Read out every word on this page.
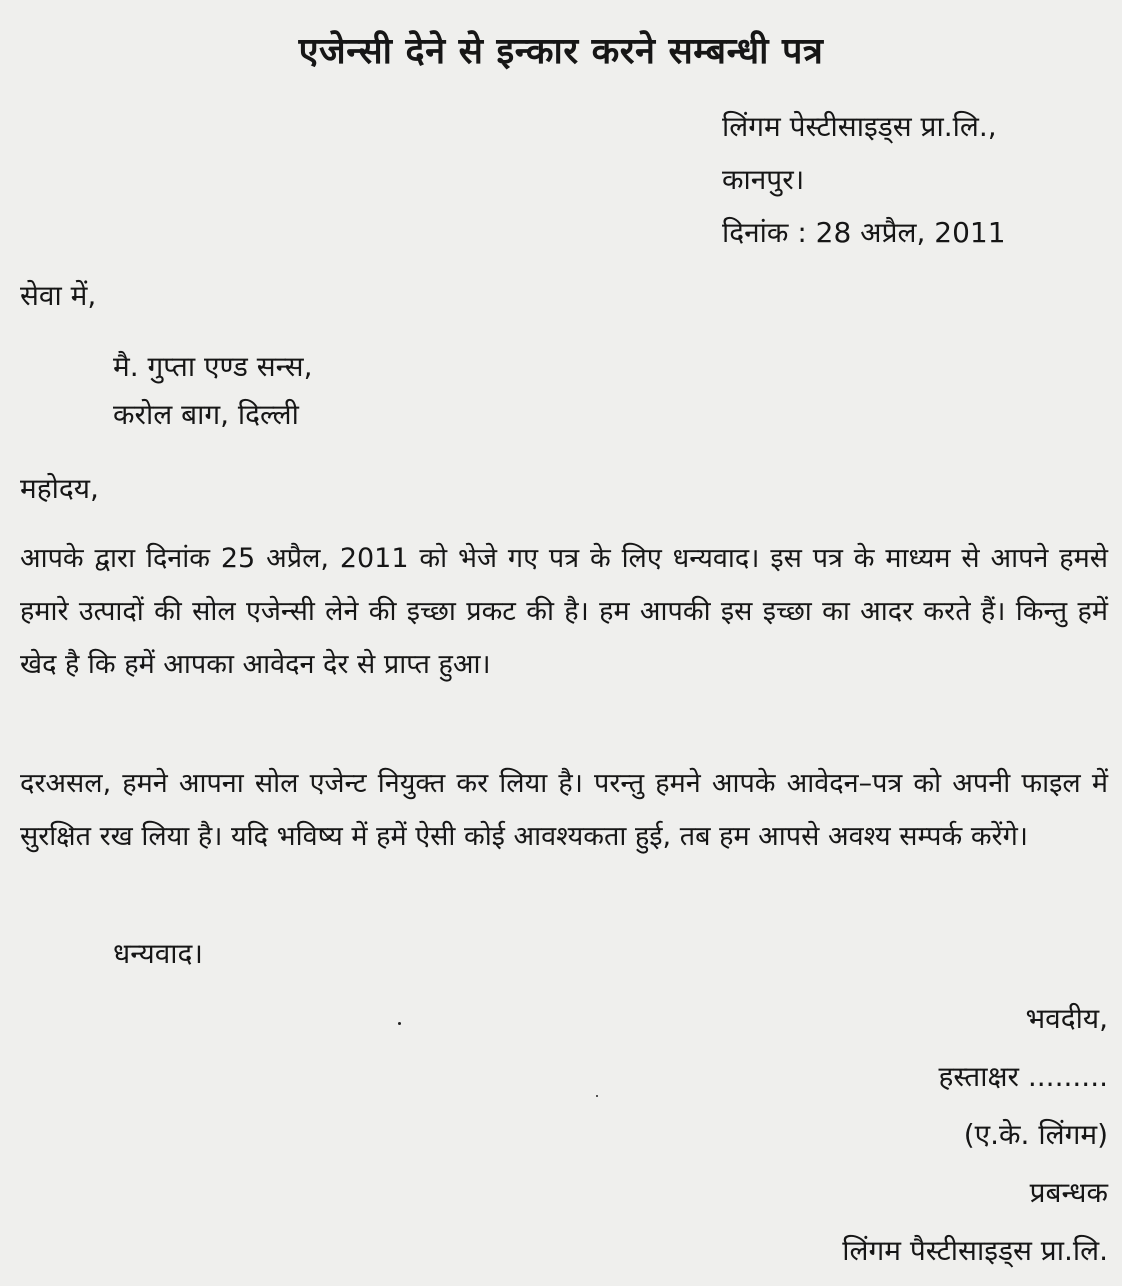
एजेन्सी देने से इन्कार करने सम्बन्धी पत्र
लिंगम पेस्टीसाइड्स प्रा.लि.,
कानपुर।
दिनांक : 28 अप्रैल, 2011
सेवा में,
मै. गुप्ता एण्ड सन्स,
करोल बाग, दिल्ली
महोदय,
आपके द्वारा दिनांक 25 अप्रैल, 2011 को भेजे गए पत्र के लिए धन्यवाद। इस पत्र के माध्यम से आपने हमसे हमारे उत्पादों की सोल एजेन्सी लेने की इच्छा प्रकट की है। हम आपकी इस इच्छा का आदर करते हैं। किन्तु हमें खेद है कि हमें आपका आवेदन देर से प्राप्त हुआ।
दरअसल, हमने आपना सोल एजेन्ट नियुक्त कर लिया है। परन्तु हमने आपके आवेदन–पत्र को अपनी फाइल में सुरक्षित रख लिया है। यदि भविष्य में हमें ऐसी कोई आवश्यकता हुई, तब हम आपसे अवश्य सम्पर्क करेंगे।
धन्यवाद।
भवदीय,
हस्ताक्षर .........
(ए.के. लिंगम)
प्रबन्धक
लिंगम पैस्टीसाइड्स प्रा.लि.
